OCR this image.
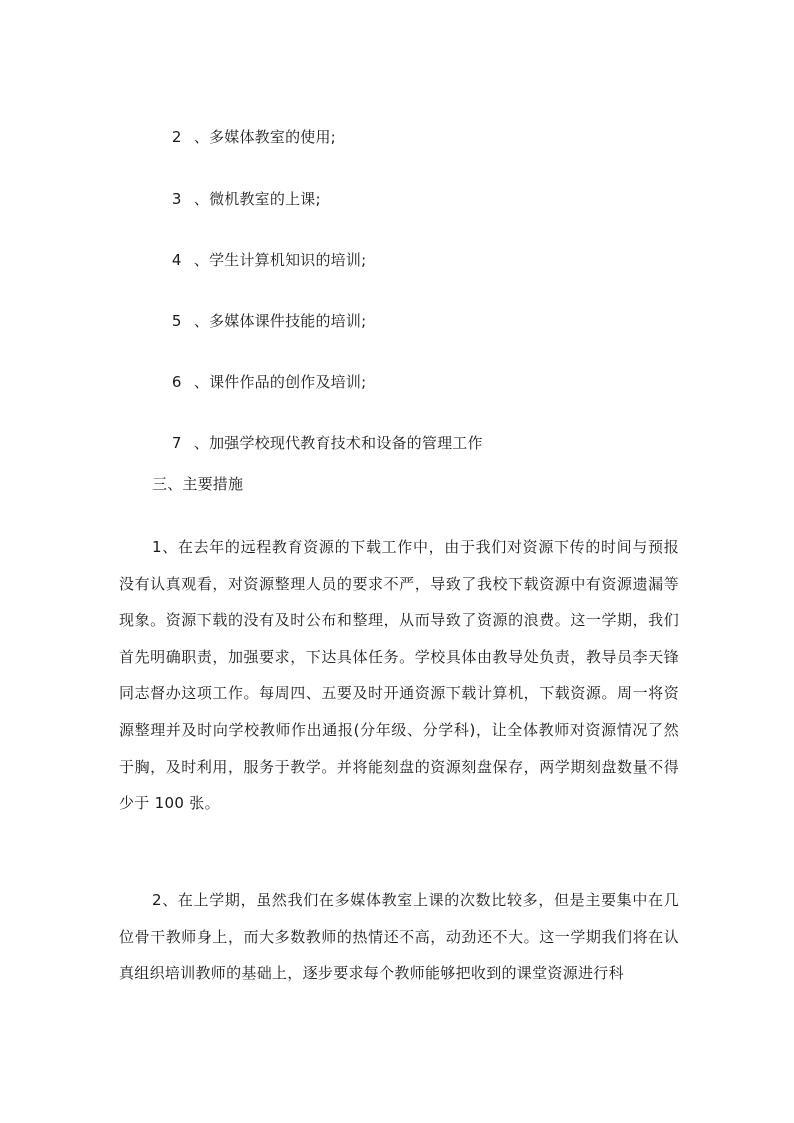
2 、多媒体教室的使用;

3 、微机教室的上课;

4 、学生计算机知识的培训;

5 、多媒体课件技能的培训;

6 、课件作品的创作及培训;

7 、加强学校现代教育技术和设备的管理工作

三、主要措施

1、在去年的远程教育资源的下载工作中，由于我们对资源下传的时间与预报没有认真观看，对资源整理人员的要求不严，导致了我校下载资源中有资源遗漏等现象。资源下载的没有及时公布和整理，从而导致了资源的浪费。这一学期，我们首先明确职责，加强要求，下达具体任务。学校具体由教导处负责，教导员李天锋同志督办这项工作。每周四、五要及时开通资源下载计算机，下载资源。周一将资源整理并及时向学校教师作出通报(分年级、分学科)，让全体教师对资源情况了然于胸，及时利用，服务于教学。并将能刻盘的资源刻盘保存，两学期刻盘数量不得少于 100 张。

2、在上学期，虽然我们在多媒体教室上课的次数比较多，但是主要集中在几位骨干教师身上，而大多数教师的热情还不高，动劲还不大。这一学期我们将在认真组织培训教师的基础上，逐步要求每个教师能够把收到的课堂资源进行科
